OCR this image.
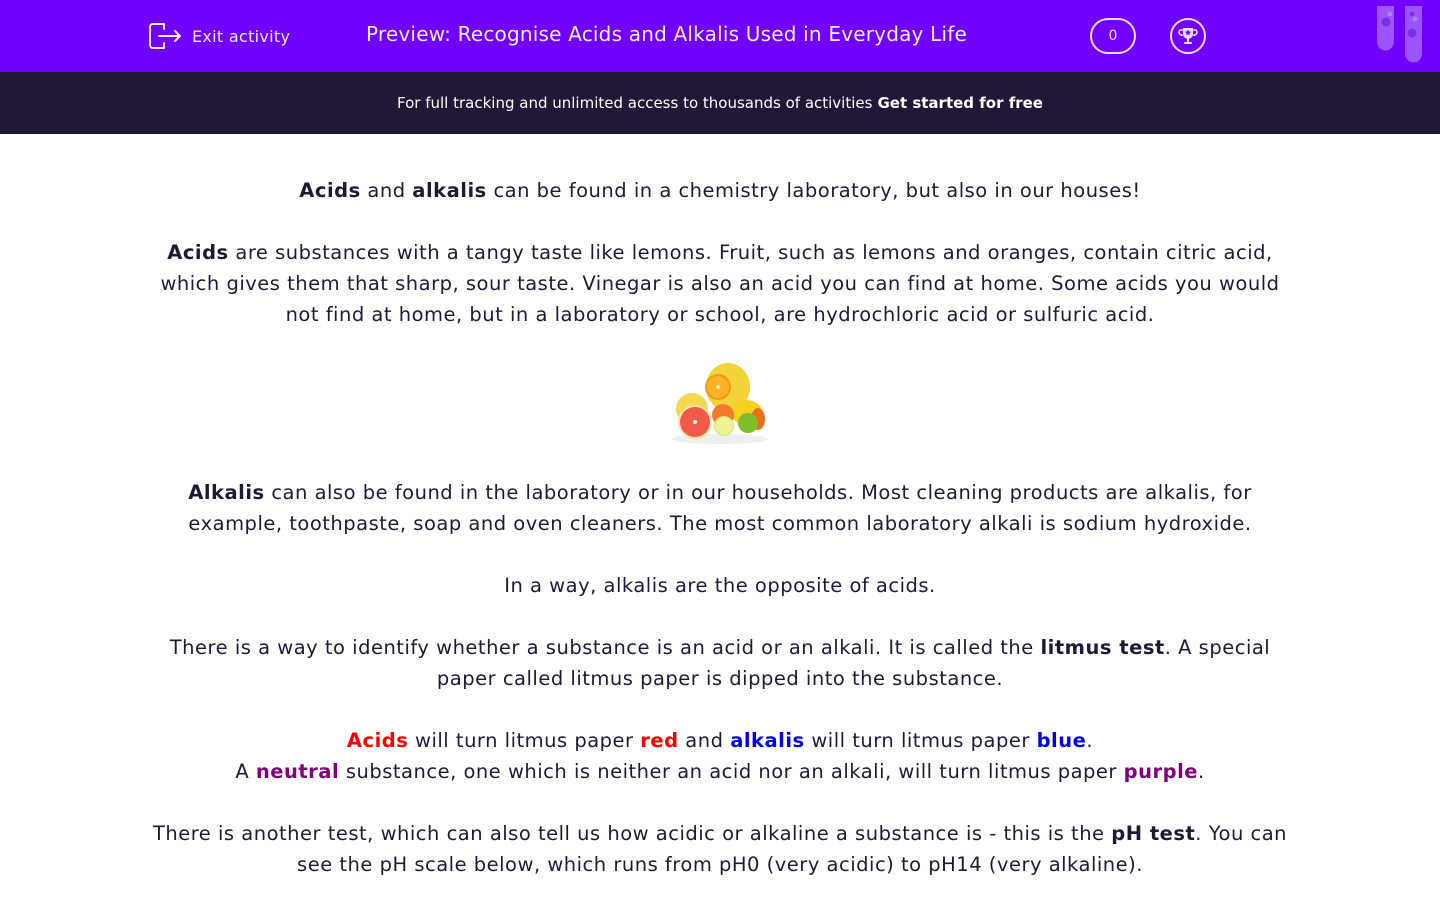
Exit activity	Preview: Recognise Acids and Alkalis Used in Everyday Life	0
For full tracking and unlimited access to thousands of activities Get started for free

Acids and alkalis can be found in a chemistry laboratory, but also in our houses!

Acids are substances with a tangy taste like lemons. Fruit, such as lemons and oranges, contain citric acid, which gives them that sharp, sour taste. Vinegar is also an acid you can find at home. Some acids you would not find at home, but in a laboratory or school, are hydrochloric acid or sulfuric acid.

Alkalis can also be found in the laboratory or in our households. Most cleaning products are alkalis, for example, toothpaste, soap and oven cleaners. The most common laboratory alkali is sodium hydroxide.

In a way, alkalis are the opposite of acids.

There is a way to identify whether a substance is an acid or an alkali. It is called the litmus test. A special paper called litmus paper is dipped into the substance.

Acids will turn litmus paper red and alkalis will turn litmus paper blue.
A neutral substance, one which is neither an acid nor an alkali, will turn litmus paper purple.

There is another test, which can also tell us how acidic or alkaline a substance is - this is the pH test. You can see the pH scale below, which runs from pH0 (very acidic) to pH14 (very alkaline).
